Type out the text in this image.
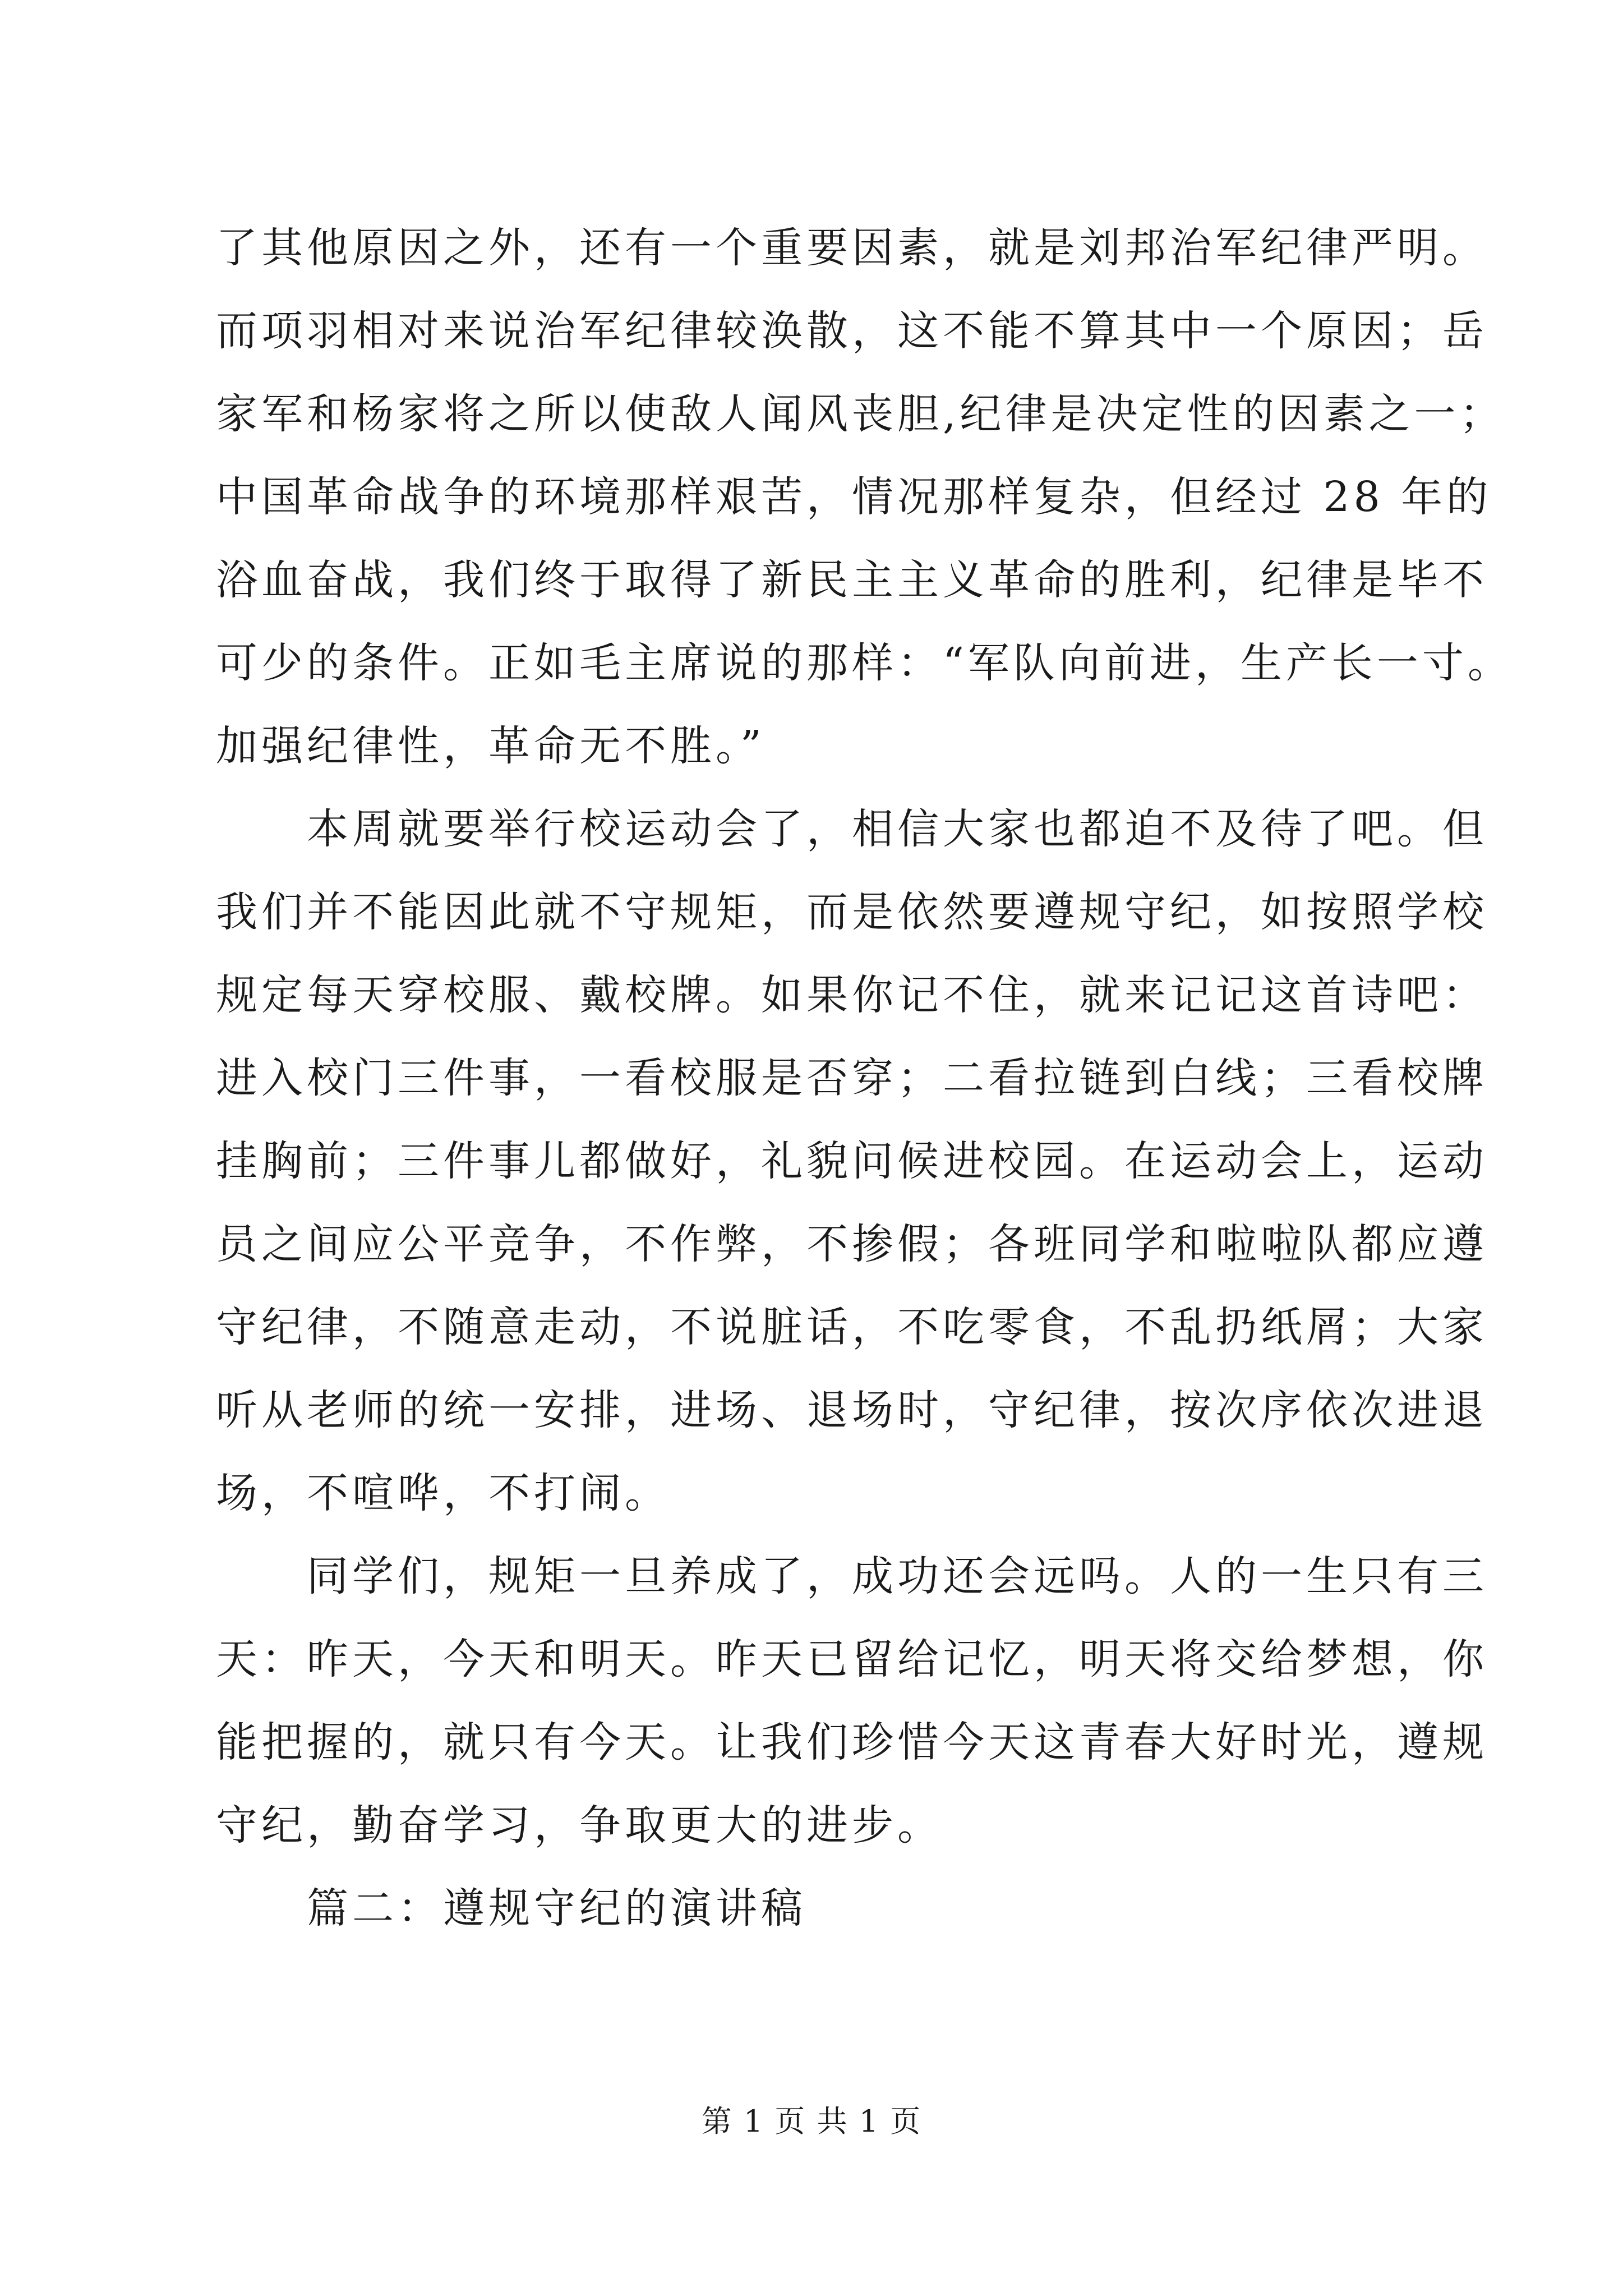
了其他原因之外，还有一个重要因素，就是刘邦治军纪律严明。
而项羽相对来说治军纪律较涣散，这不能不算其中一个原因；岳
家军和杨家将之所以使敌人闻风丧胆,纪律是决定性的因素之一；
中国革命战争的环境那样艰苦，情况那样复杂，但经过 28 年的
浴血奋战，我们终于取得了新民主主义革命的胜利，纪律是毕不
可少的条件。正如毛主席说的那样：“军队向前进，生产长一寸。
加强纪律性，革命无不胜。”
　　本周就要举行校运动会了，相信大家也都迫不及待了吧。但
我们并不能因此就不守规矩，而是依然要遵规守纪，如按照学校
规定每天穿校服、戴校牌。如果你记不住，就来记记这首诗吧：
进入校门三件事，一看校服是否穿；二看拉链到白线；三看校牌
挂胸前；三件事儿都做好，礼貌问候进校园。在运动会上，运动
员之间应公平竞争，不作弊，不掺假；各班同学和啦啦队都应遵
守纪律，不随意走动，不说脏话，不吃零食，不乱扔纸屑；大家
听从老师的统一安排，进场、退场时，守纪律，按次序依次进退
场，不喧哗，不打闹。
　　同学们，规矩一旦养成了，成功还会远吗。人的一生只有三
天：昨天，今天和明天。昨天已留给记忆，明天将交给梦想，你
能把握的，就只有今天。让我们珍惜今天这青春大好时光，遵规
守纪，勤奋学习，争取更大的进步。
　　篇二：遵规守纪的演讲稿
第 1 页 共 1 页
